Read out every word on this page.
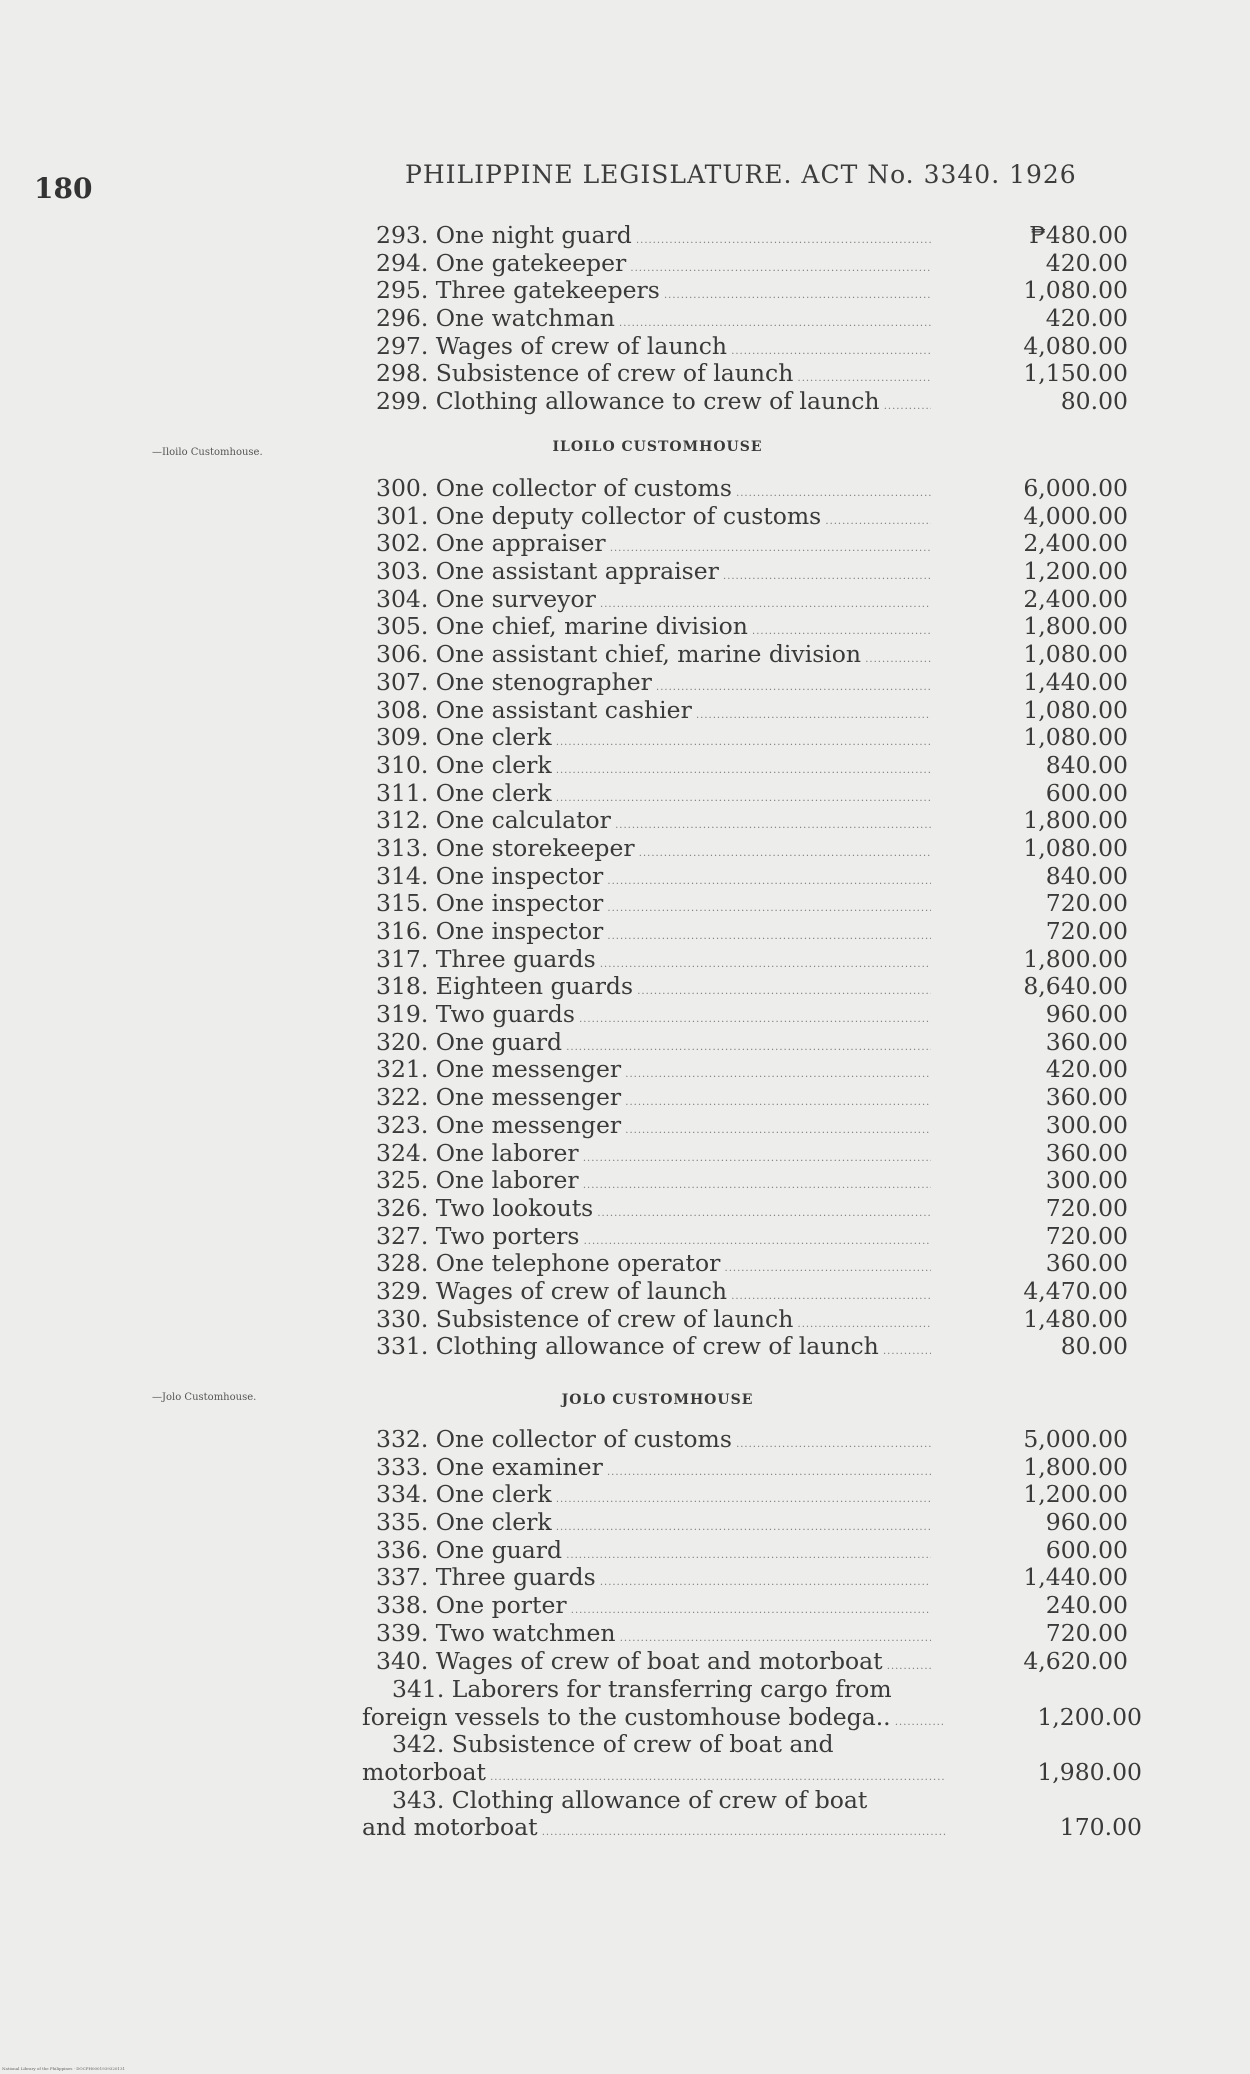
180	PHILIPPINE LEGISLATURE. ACT No. 3340. 1926
293. One night guard .....	₱480.00
294. One gatekeeper .....	420.00
295. Three gatekeepers .....	1,080.00
296. One watchman .....	420.00
297. Wages of crew of launch .....	4,080.00
298. Subsistence of crew of launch .....	1,150.00
299. Clothing allowance to crew of launch .....	80.00
—Iloilo Customhouse.	ILOILO CUSTOMHOUSE
300. One collector of customs .....	6,000.00
301. One deputy collector of customs .....	4,000.00
302. One appraiser .....	2,400.00
303. One assistant appraiser .....	1,200.00
304. One surveyor .....	2,400.00
305. One chief, marine division .....	1,800.00
306. One assistant chief, marine division .....	1,080.00
307. One stenographer .....	1,440.00
308. One assistant cashier .....	1,080.00
309. One clerk .....	1,080.00
310. One clerk .....	840.00
311. One clerk .....	600.00
312. One calculator .....	1,800.00
313. One storekeeper .....	1,080.00
314. One inspector .....	840.00
315. One inspector .....	720.00
316. One inspector .....	720.00
317. Three guards .....	1,800.00
318. Eighteen guards .....	8,640.00
319. Two guards .....	960.00
320. One guard .....	360.00
321. One messenger .....	420.00
322. One messenger .....	360.00
323. One messenger .....	300.00
324. One laborer .....	360.00
325. One laborer .....	300.00
326. Two lookouts .....	720.00
327. Two porters .....	720.00
328. One telephone operator .....	360.00
329. Wages of crew of launch .....	4,470.00
330. Subsistence of crew of launch .....	1,480.00
331. Clothing allowance of crew of launch .....	80.00
—Jolo Customhouse.	JOLO CUSTOMHOUSE
332. One collector of customs .....	5,000.00
333. One examiner .....	1,800.00
334. One clerk .....	1,200.00
335. One clerk .....	960.00
336. One guard .....	600.00
337. Three guards .....	1,440.00
338. One porter .....	240.00
339. Two watchmen .....	720.00
340. Wages of crew of boat and motorboat .....	4,620.00
341. Laborers for transferring cargo from
foreign vessels to the customhouse bodega.. .....	1,200.00
342. Subsistence of crew of boat and
motorboat .....	1,980.00
343. Clothing allowance of crew of boat
and motorboat .....	170.00
National Library of the Philippines · DOCPH0001939320131
